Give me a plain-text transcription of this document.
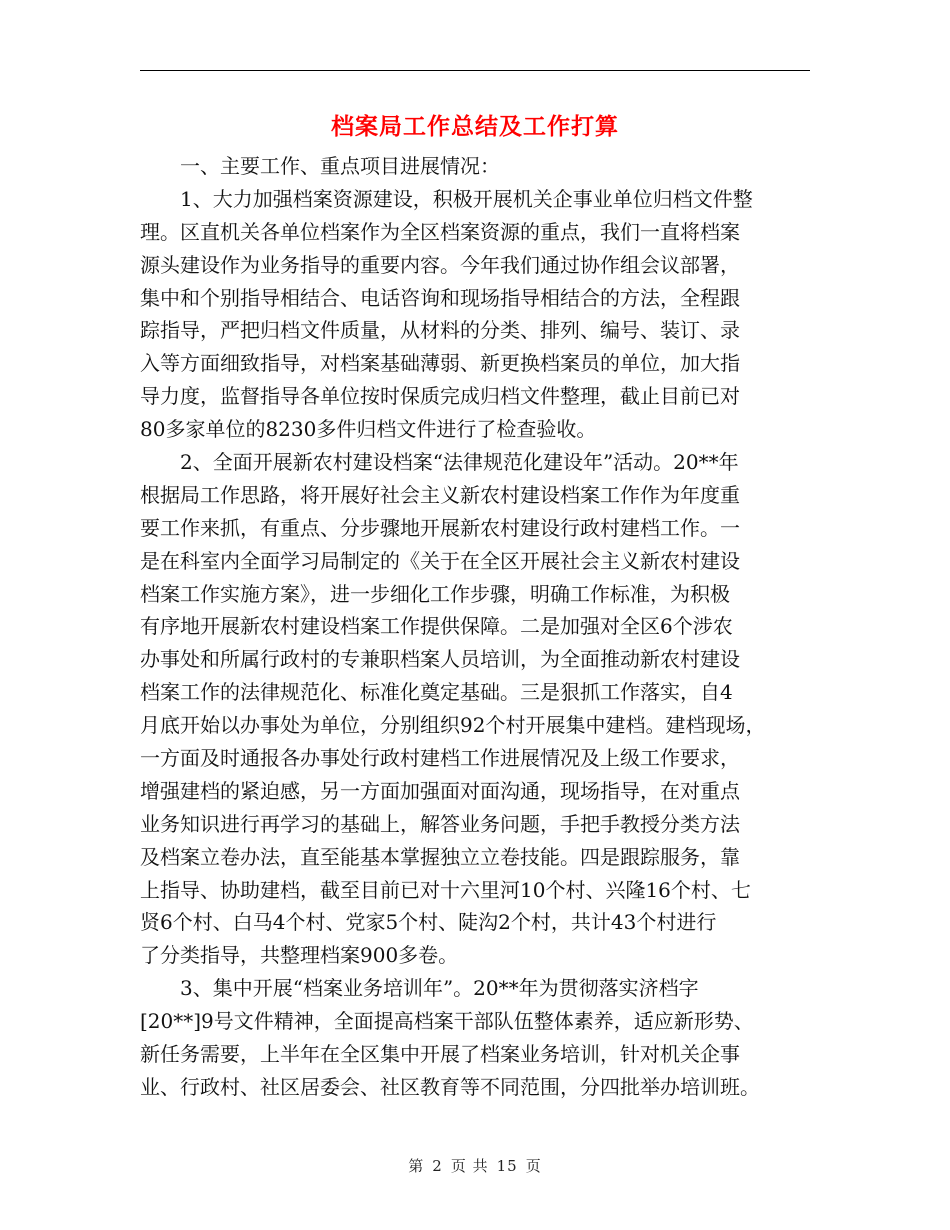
档案局工作总结及工作打算
一、主要工作、重点项目进展情况：
1、大力加强档案资源建设，积极开展机关企事业单位归档文件整
理。区直机关各单位档案作为全区档案资源的重点，我们一直将档案
源头建设作为业务指导的重要内容。今年我们通过协作组会议部署，
集中和个别指导相结合、电话咨询和现场指导相结合的方法，全程跟
踪指导，严把归档文件质量，从材料的分类、排列、编号、装订、录
入等方面细致指导，对档案基础薄弱、新更换档案员的单位，加大指
导力度，监督指导各单位按时保质完成归档文件整理，截止目前已对
80多家单位的8230多件归档文件进行了检查验收。
2、全面开展新农村建设档案“法律规范化建设年”活动。20**年
根据局工作思路，将开展好社会主义新农村建设档案工作作为年度重
要工作来抓，有重点、分步骤地开展新农村建设行政村建档工作。一
是在科室内全面学习局制定的《关于在全区开展社会主义新农村建设
档案工作实施方案》，进一步细化工作步骤，明确工作标准，为积极
有序地开展新农村建设档案工作提供保障。二是加强对全区6个涉农
办事处和所属行政村的专兼职档案人员培训，为全面推动新农村建设
档案工作的法律规范化、标准化奠定基础。三是狠抓工作落实，自4
月底开始以办事处为单位，分别组织92个村开展集中建档。建档现场，
一方面及时通报各办事处行政村建档工作进展情况及上级工作要求，
增强建档的紧迫感，另一方面加强面对面沟通，现场指导，在对重点
业务知识进行再学习的基础上，解答业务问题，手把手教授分类方法
及档案立卷办法，直至能基本掌握独立立卷技能。四是跟踪服务，靠
上指导、协助建档，截至目前已对十六里河10个村、兴隆16个村、七
贤6个村、白马4个村、党家5个村、陡沟2个村，共计43个村进行
了分类指导，共整理档案900多卷。
3、集中开展“档案业务培训年”。20**年为贯彻落实济档字
[20**]9号文件精神，全面提高档案干部队伍整体素养，适应新形势、
新任务需要，上半年在全区集中开展了档案业务培训，针对机关企事
业、行政村、社区居委会、社区教育等不同范围，分四批举办培训班。
第 2 页 共 15 页
